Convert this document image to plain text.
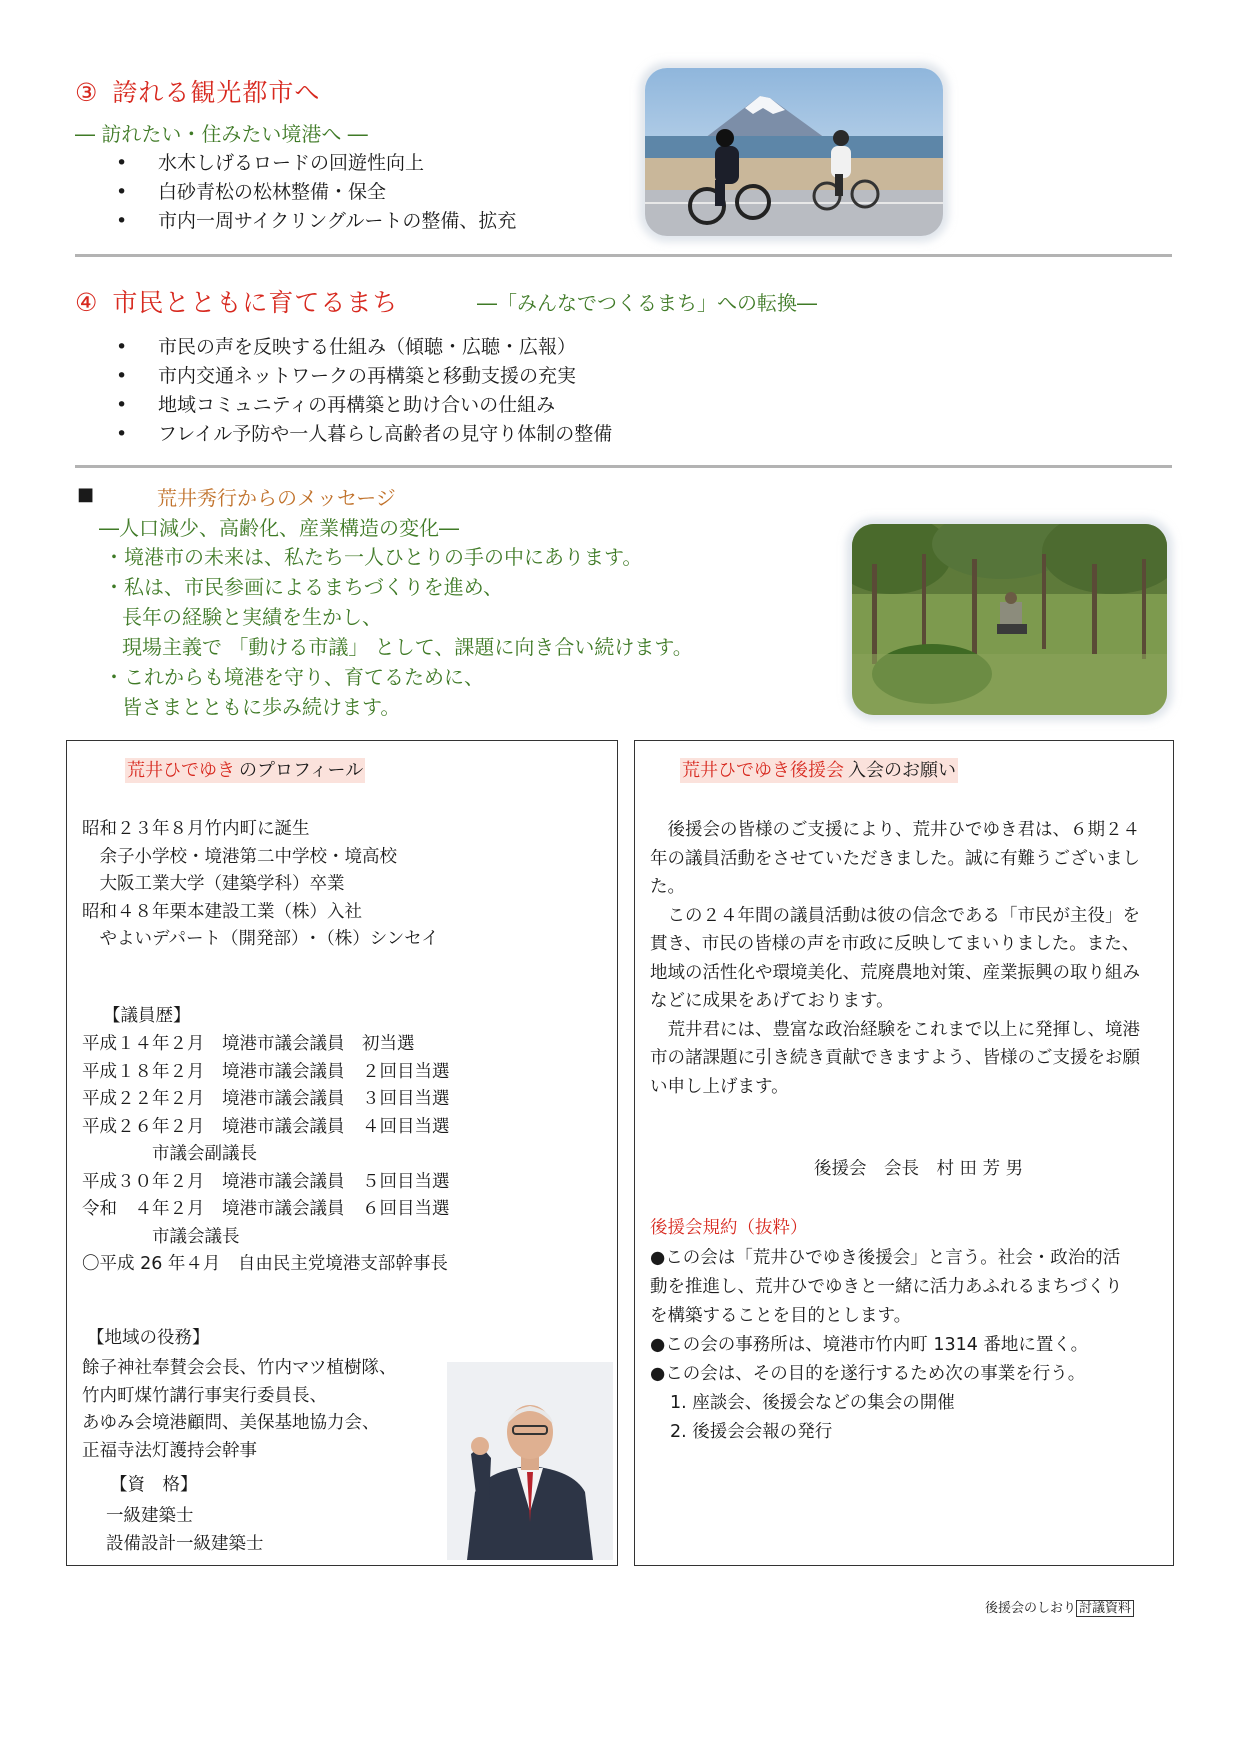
③ 誇れる観光都市へ
― 訪れたい・住みたい境港へ ―
• 水木しげるロードの回遊性向上
• 白砂青松の松林整備・保全
• 市内一周サイクリングルートの整備、拡充
④ 市民とともに育てるまち	―「みんなでつくるまち」への転換―
• 市民の声を反映する仕組み（傾聴・広聴・広報）
• 市内交通ネットワークの再構築と移動支援の充実
• 地域コミュニティの再構築と助け合いの仕組み
• フレイル予防や一人暮らし高齢者の見守り体制の整備
■	荒井秀行からのメッセージ
―人口減少、高齢化、産業構造の変化―
・境港市の未来は、私たち一人ひとりの手の中にあります。
・私は、市民参画によるまちづくりを進め、
長年の経験と実績を生かし、
現場主義で 「動ける市議」 として、課題に向き合い続けます。
・これからも境港を守り、育てるために、
皆さまとともに歩み続けます。
荒井ひでゆき のプロフィール
昭和２３年８月竹内町に誕生
　余子小学校・境港第二中学校・境高校
　大阪工業大学（建築学科）卒業
昭和４８年栗本建設工業（株）入社
　やよいデパート（開発部）･（株）シンセイ
【議員歴】
平成１４年２月　境港市議会議員　初当選
平成１８年２月　境港市議会議員　２回目当選
平成２２年２月　境港市議会議員　３回目当選
平成２６年２月　境港市議会議員　４回目当選
　　　　市議会副議長
平成３０年２月　境港市議会議員　５回目当選
令和　４年２月　境港市議会議員　６回目当選
　　　　市議会議長
〇平成 26 年４月　自由民主党境港支部幹事長
【地域の役務】
餘子神社奉賛会会長、竹内マツ植樹隊、
竹内町煤竹講行事実行委員長、
あゆみ会境港顧問、美保基地協力会、
正福寺法灯護持会幹事
【資　格】
一級建築士
設備設計一級建築士
荒井ひでゆき後援会 入会のお願い
　後援会の皆様のご支援により、荒井ひでゆき君は、６期２４年の議員活動をさせていただきました。誠に有難うございました。
　この２４年間の議員活動は彼の信念である「市民が主役」を貫き、市民の皆様の声を市政に反映してまいりました。また、地域の活性化や環境美化、荒廃農地対策、産業振興の取り組みなどに成果をあげております。
　荒井君には、豊富な政治経験をこれまで以上に発揮し、境港市の諸課題に引き続き貢献できますよう、皆様のご支援をお願い申し上げます。
後援会　会長　村 田 芳 男
後援会規約（抜粋）
●この会は「荒井ひでゆき後援会」と言う。社会・政治的活動を推進し、荒井ひでゆきと一緒に活力あふれるまちづくりを構築することを目的とします。
●この会の事務所は、境港市竹内町 1314 番地に置く。
●この会は、その目的を遂行するため次の事業を行う。
1. 座談会、後援会などの集会の開催
2. 後援会会報の発行
後援会のしおり 討議資料
